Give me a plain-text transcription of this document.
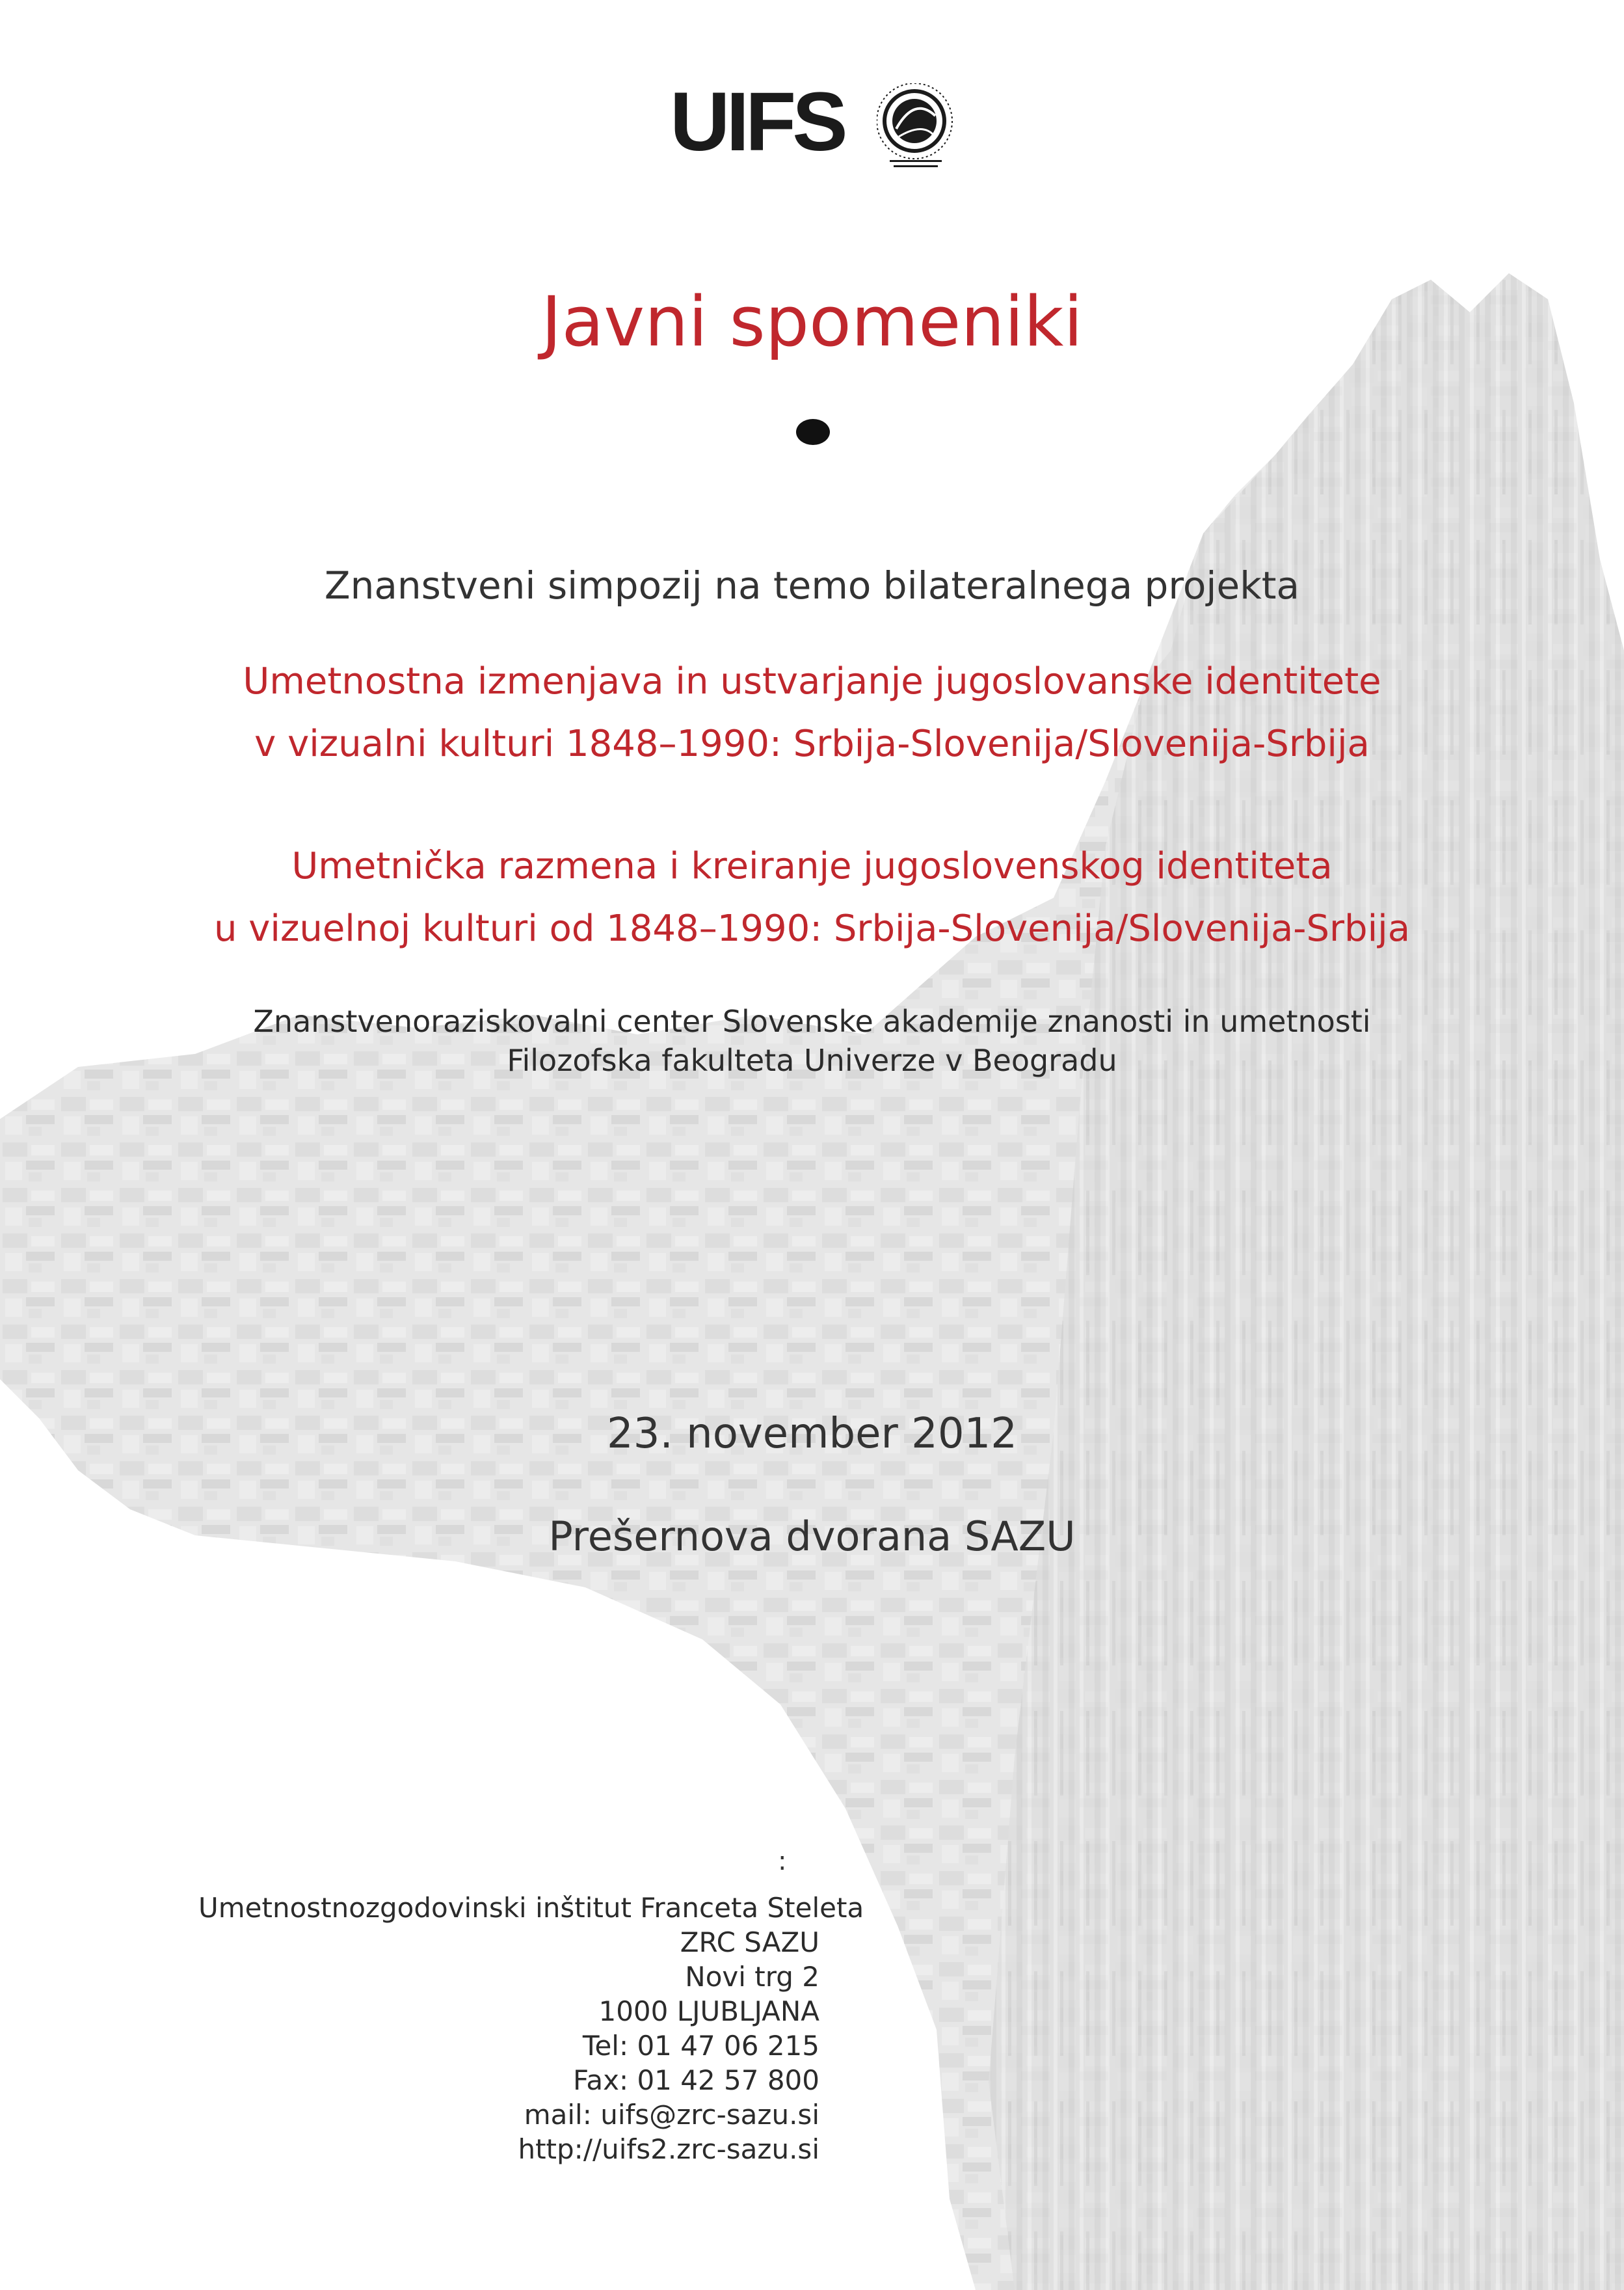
UIFS
Javni spomeniki
Znanstveni simpozij na temo bilateralnega projekta
Umetnostna izmenjava in ustvarjanje jugoslovanske identitete
v vizualni kulturi 1848–1990: Srbija-Slovenija/Slovenija-Srbija
Umetnička razmena i kreiranje jugoslovenskog identiteta
u vizuelnoj kulturi od 1848–1990: Srbija-Slovenija/Slovenija-Srbija
Znanstvenoraziskovalni center Slovenske akademije znanosti in umetnosti
Filozofska fakulteta Univerze v Beogradu
23. november 2012
Prešernova dvorana SAZU
:
Umetnostnozgodovinski inštitut Franceta Steleta
ZRC SAZU
Novi trg 2
1000 LJUBLJANA
Tel: 01 47 06 215
Fax: 01 42 57 800
mail: uifs@zrc-sazu.si
http://uifs2.zrc-sazu.si
